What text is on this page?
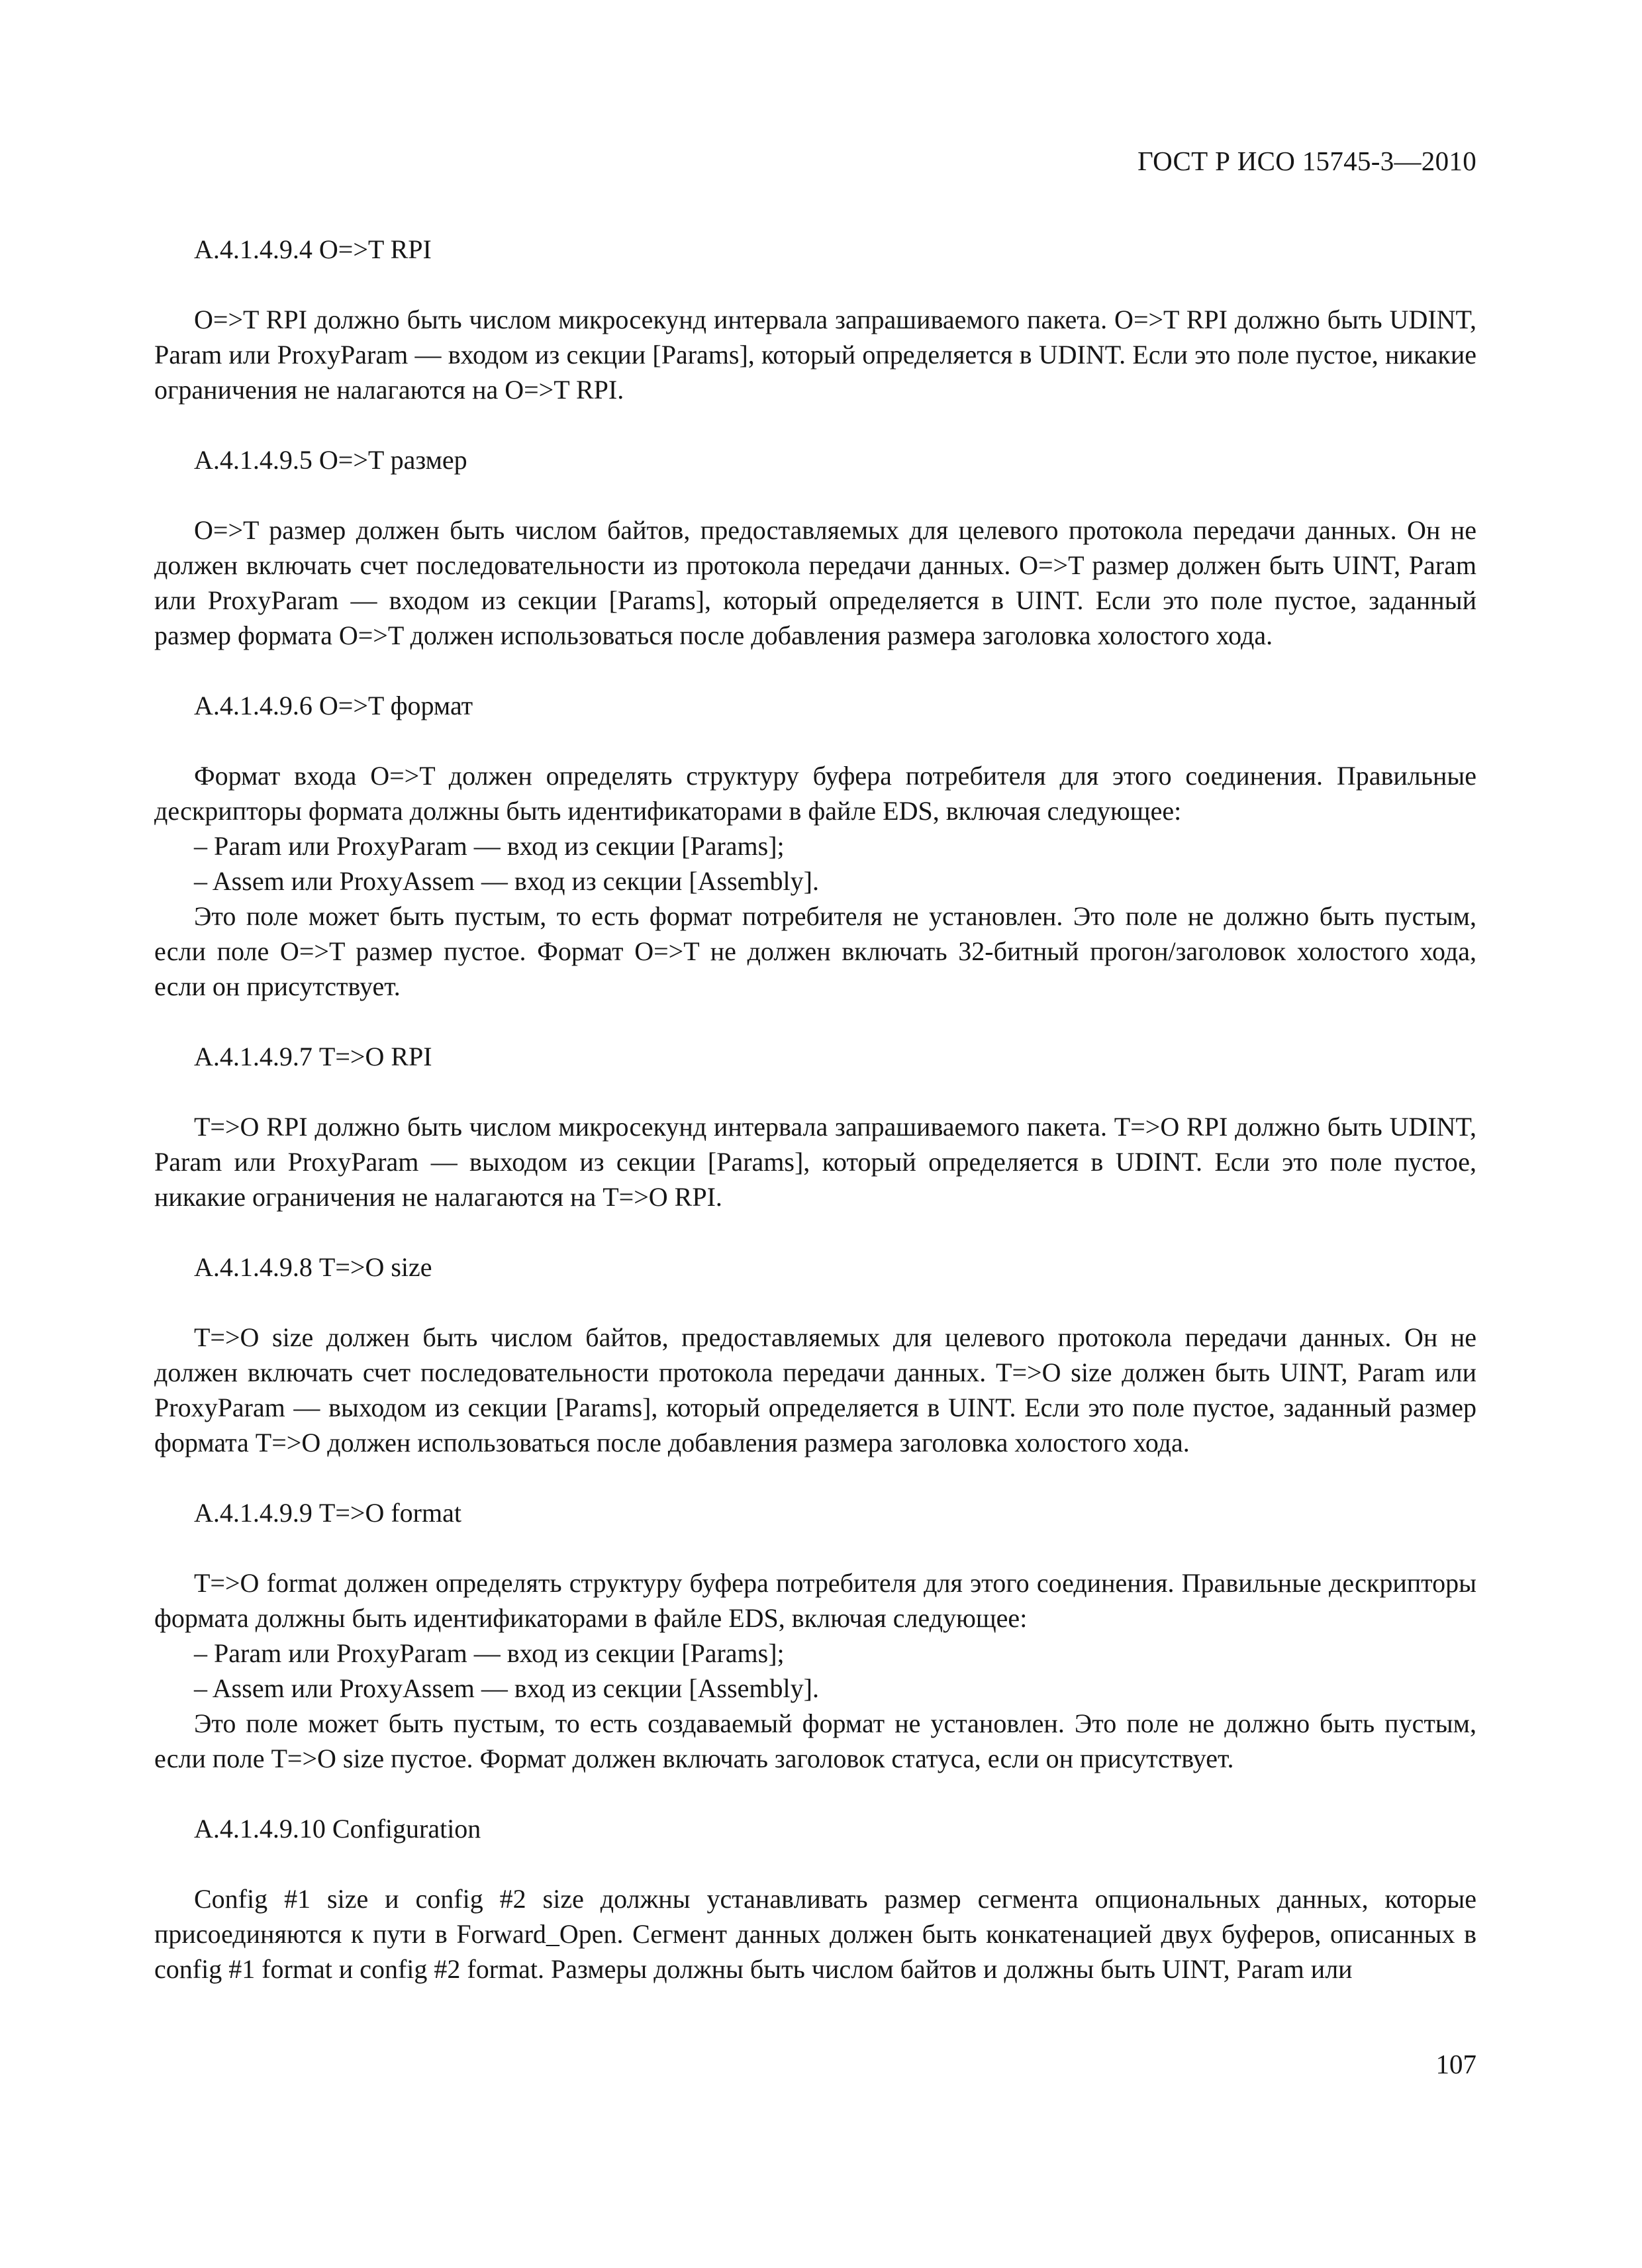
ГОСТ Р ИСО 15745-3—2010

А.4.1.4.9.4 O=>T RPI

O=>T RPI должно быть числом микросекунд интервала запрашиваемого пакета. O=>T RPI должно быть UDINT, Param или ProxyParam — входом из секции [Params], который определяется в UDINT. Если это поле пустое, никакие ограничения не налагаются на O=>T RPI.

А.4.1.4.9.5 O=>T размер

O=>T размер должен быть числом байтов, предоставляемых для целевого протокола передачи данных. Он не должен включать счет последовательности из протокола передачи данных. O=>T размер должен быть UINT, Param или ProxyParam — входом из секции [Params], который определяется в UINT. Если это поле пустое, заданный размер формата O=>T должен использоваться после добавления размера заголовка холостого хода.

А.4.1.4.9.6 O=>T формат

Формат входа O=>T должен определять структуру буфера потребителя для этого соединения. Правильные дескрипторы формата должны быть идентификаторами в файле EDS, включая следующее:

– Param или ProxyParam — вход из секции [Params];

– Assem или ProxyAssem — вход из секции [Assembly].

Это поле может быть пустым, то есть формат потребителя не установлен. Это поле не должно быть пустым, если поле O=>T размер пустое. Формат O=>T не должен включать 32-битный прогон/заголовок холостого хода, если он присутствует.

А.4.1.4.9.7 T=>O RPI

T=>O RPI должно быть числом микросекунд интервала запрашиваемого пакета. T=>O RPI должно быть UDINT, Param или ProxyParam — выходом из секции [Params], который определяется в UDINT. Если это поле пустое, никакие ограничения не налагаются на T=>O RPI.

А.4.1.4.9.8 T=>O size

T=>O size должен быть числом байтов, предоставляемых для целевого протокола передачи данных. Он не должен включать счет последовательности протокола передачи данных. T=>O size должен быть UINT, Param или ProxyParam — выходом из секции [Params], который определяется в UINT. Если это поле пустое, заданный размер формата T=>O должен использоваться после добавления размера заголовка холостого хода.

А.4.1.4.9.9 T=>O format

T=>O format должен определять структуру буфера потребителя для этого соединения. Правильные дескрипторы формата должны быть идентификаторами в файле EDS, включая следующее:

– Param или ProxyParam — вход из секции [Params];

– Assem или ProxyAssem — вход из секции [Assembly].

Это поле может быть пустым, то есть создаваемый формат не установлен. Это поле не должно быть пустым, если поле T=>O size пустое. Формат должен включать заголовок статуса, если он присутствует.

А.4.1.4.9.10 Configuration

Config #1 size и config #2 size должны устанавливать размер сегмента опциональных данных, которые присоединяются к пути в Forward_Open. Сегмент данных должен быть конкатенацией двух буферов, описанных в config #1 format и config #2 format. Размеры должны быть числом байтов и должны быть UINT, Param или

107
